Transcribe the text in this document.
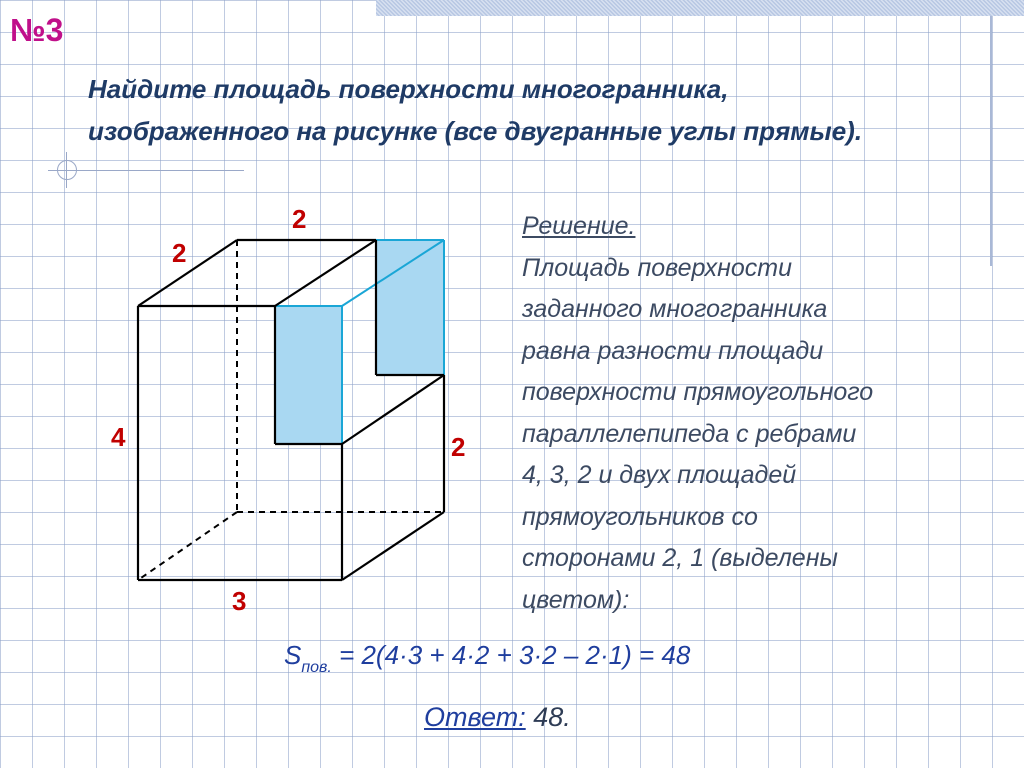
№3
Найдите площадь поверхности многогранника,
изображенного на рисунке (все двугранные углы прямые).
2
2
4	2
3
Решение.
Площадь поверхности
заданного многогранника
равна разности площади
поверхности прямоугольного
параллелепипеда с ребрами
4, 3, 2 и двух площадей
прямоугольников со
сторонами 2, 1 (выделены
цветом):
$S_{пов.} = 2(4\cdot 3 + 4\cdot 2 + 3\cdot 2 - 2\cdot 1) = 48$
Ответ: 48.
